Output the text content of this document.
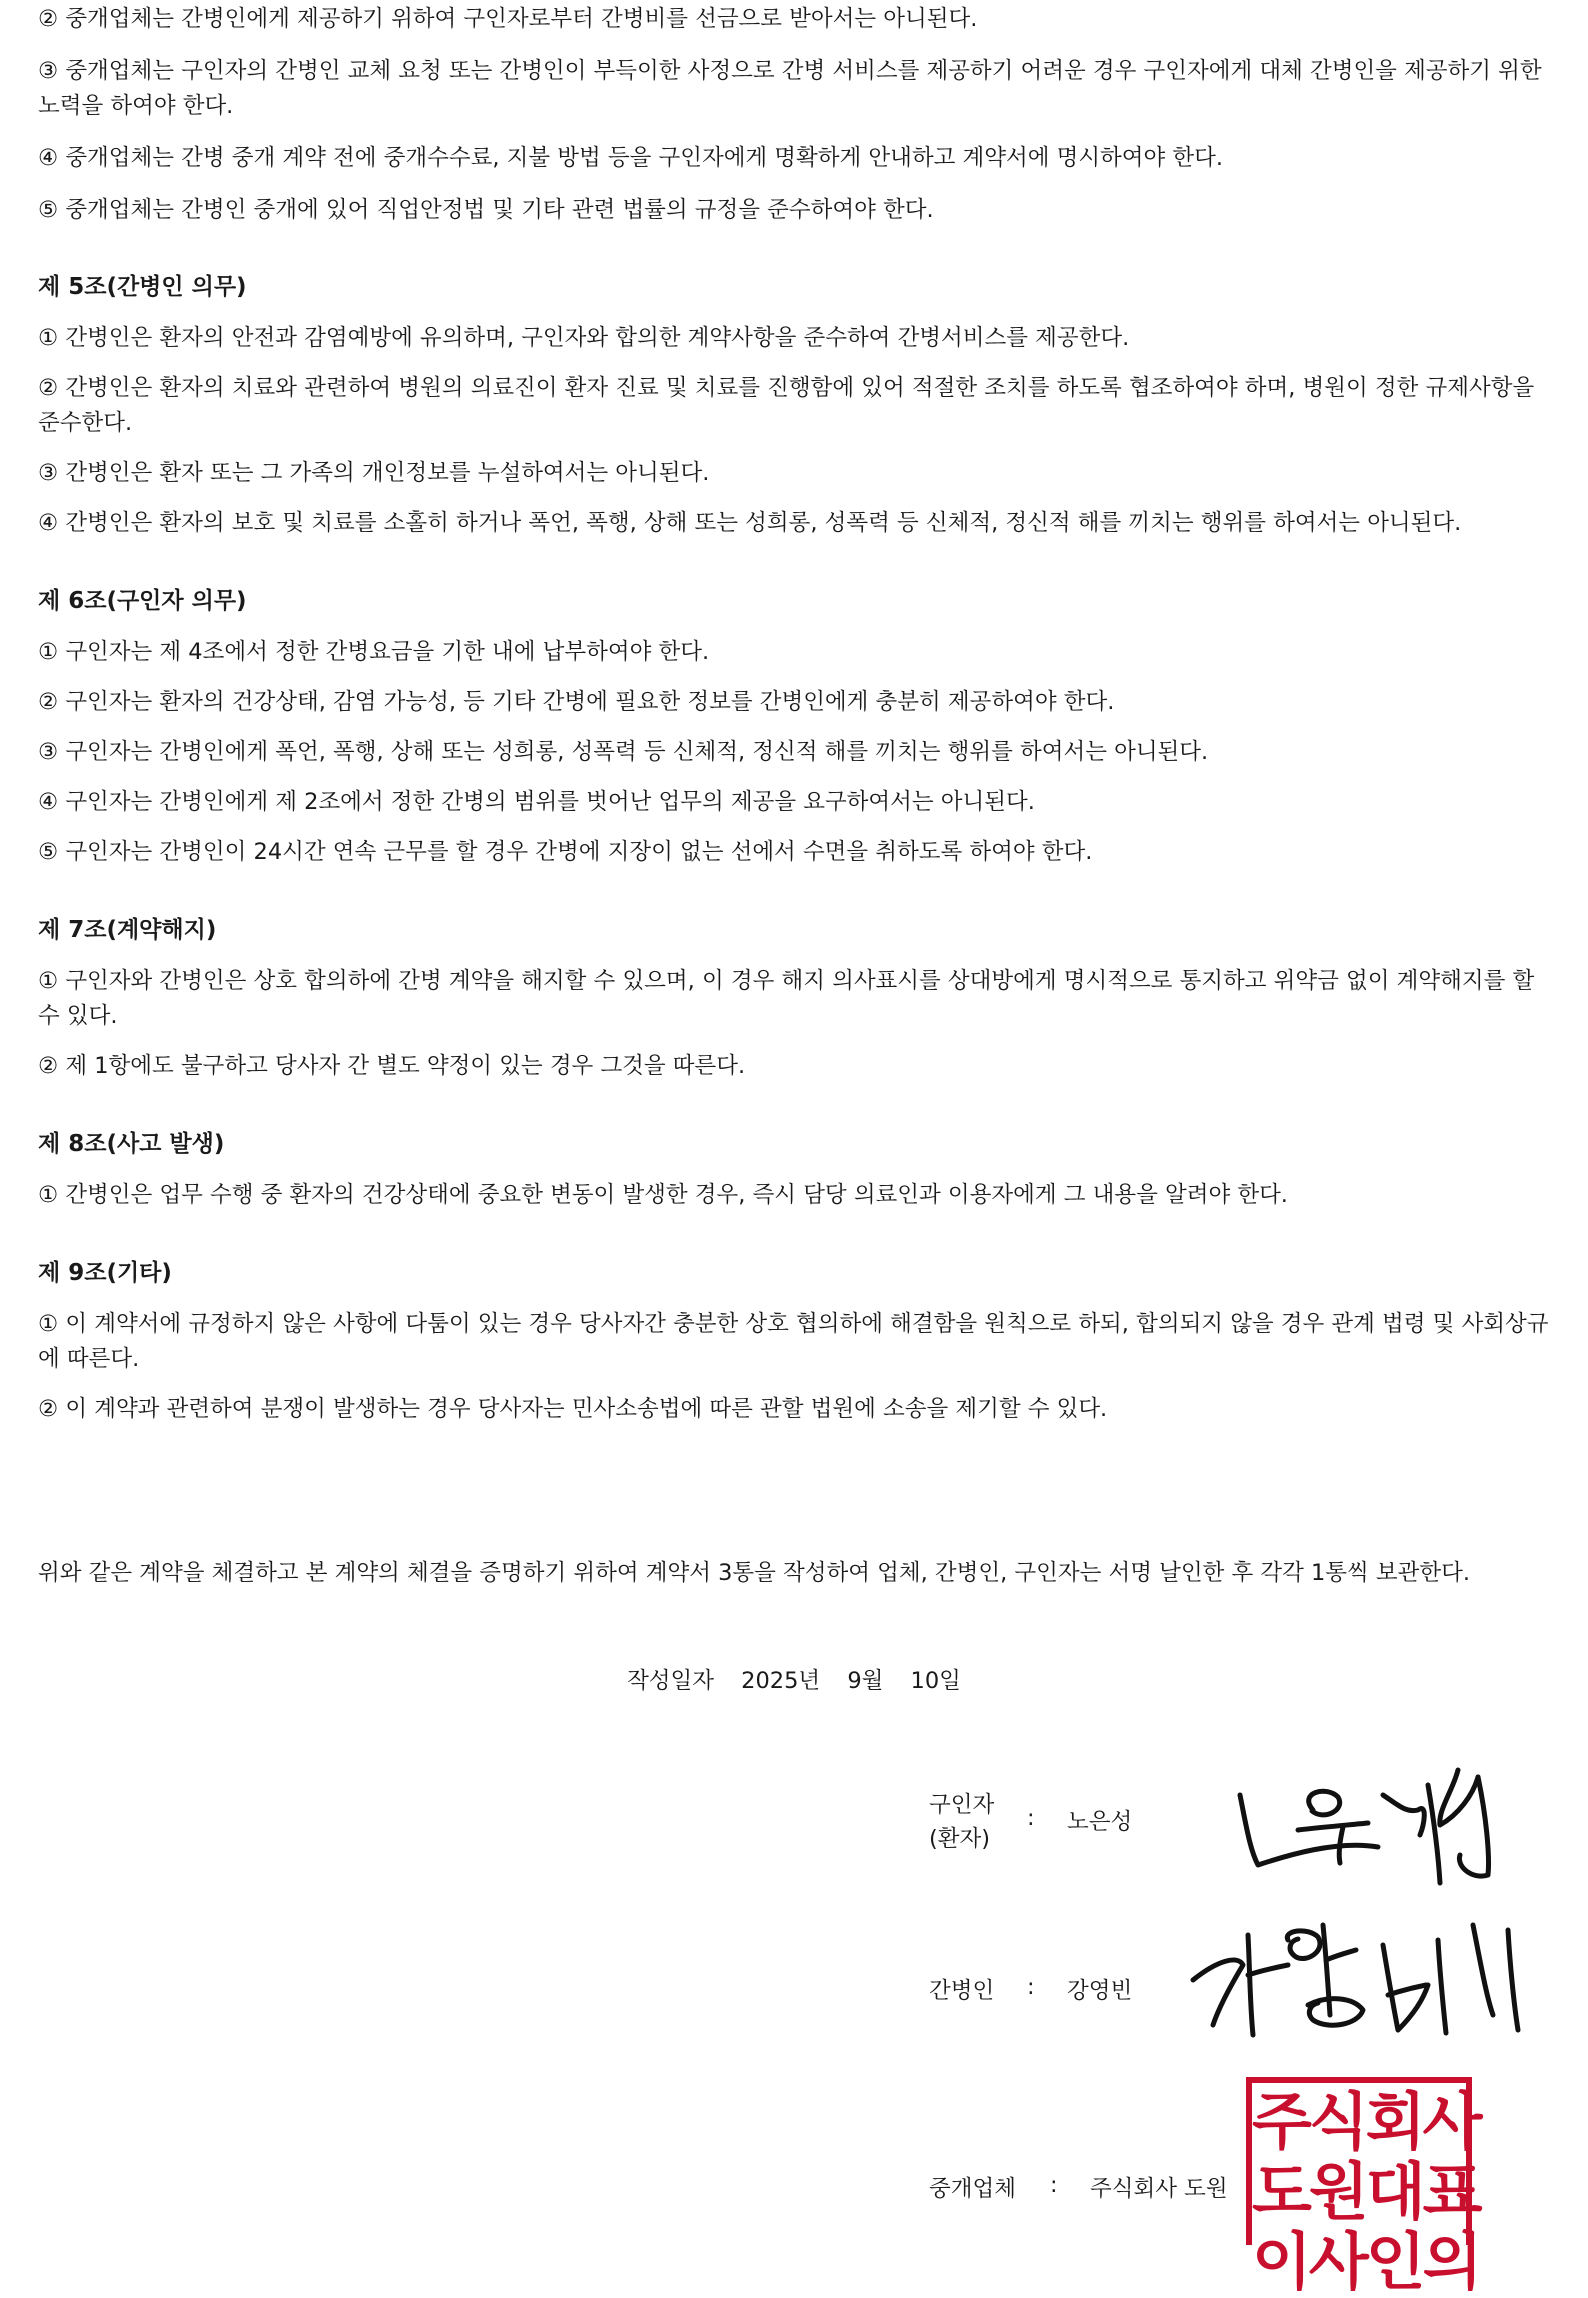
② 중개업체는 간병인에게 제공하기 위하여 구인자로부터 간병비를 선금으로 받아서는 아니된다.

③ 중개업체는 구인자의 간병인 교체 요청 또는 간병인이 부득이한 사정으로 간병 서비스를 제공하기 어려운 경우 구인자에게 대체 간병인을 제공하기 위한 노력을 하여야 한다.

④ 중개업체는 간병 중개 계약 전에 중개수수료, 지불 방법 등을 구인자에게 명확하게 안내하고 계약서에 명시하여야 한다.

⑤ 중개업체는 간병인 중개에 있어 직업안정법 및 기타 관련 법률의 규정을 준수하여야 한다.

제 5조(간병인 의무)

① 간병인은 환자의 안전과 감염예방에 유의하며, 구인자와 합의한 계약사항을 준수하여 간병서비스를 제공한다.

② 간병인은 환자의 치료와 관련하여 병원의 의료진이 환자 진료 및 치료를 진행함에 있어 적절한 조치를 하도록 협조하여야 하며, 병원이 정한 규제사항을 준수한다.

③ 간병인은 환자 또는 그 가족의 개인정보를 누설하여서는 아니된다.

④ 간병인은 환자의 보호 및 치료를 소홀히 하거나 폭언, 폭행, 상해 또는 성희롱, 성폭력 등 신체적, 정신적 해를 끼치는 행위를 하여서는 아니된다.

제 6조(구인자 의무)

① 구인자는 제 4조에서 정한 간병요금을 기한 내에 납부하여야 한다.

② 구인자는 환자의 건강상태, 감염 가능성, 등 기타 간병에 필요한 정보를 간병인에게 충분히 제공하여야 한다.

③ 구인자는 간병인에게 폭언, 폭행, 상해 또는 성희롱, 성폭력 등 신체적, 정신적 해를 끼치는 행위를 하여서는 아니된다.

④ 구인자는 간병인에게 제 2조에서 정한 간병의 범위를 벗어난 업무의 제공을 요구하여서는 아니된다.

⑤ 구인자는 간병인이 24시간 연속 근무를 할 경우 간병에 지장이 없는 선에서 수면을 취하도록 하여야 한다.

제 7조(계약해지)

① 구인자와 간병인은 상호 합의하에 간병 계약을 해지할 수 있으며, 이 경우 해지 의사표시를 상대방에게 명시적으로 통지하고 위약금 없이 계약해지를 할 수 있다.

② 제 1항에도 불구하고 당사자 간 별도 약정이 있는 경우 그것을 따른다.

제 8조(사고 발생)

① 간병인은 업무 수행 중 환자의 건강상태에 중요한 변동이 발생한 경우, 즉시 담당 의료인과 이용자에게 그 내용을 알려야 한다.

제 9조(기타)

① 이 계약서에 규정하지 않은 사항에 다툼이 있는 경우 당사자간 충분한 상호 협의하에 해결함을 원칙으로 하되, 합의되지 않을 경우 관계 법령 및 사회상규에 따른다.

② 이 계약과 관련하여 분쟁이 발생하는 경우 당사자는 민사소송법에 따른 관할 법원에 소송을 제기할 수 있다.

위와 같은 계약을 체결하고 본 계약의 체결을 증명하기 위하여 계약서 3통을 작성하여 업체, 간병인, 구인자는 서명 날인한 후 각각 1통씩 보관한다.

작성일자 2025년 9월 10일
구인자
(환자)
: 노은성
간병인 : 강영빈
중개업체 : 주식회사 도원
주식회사
도원대표
이사인의
